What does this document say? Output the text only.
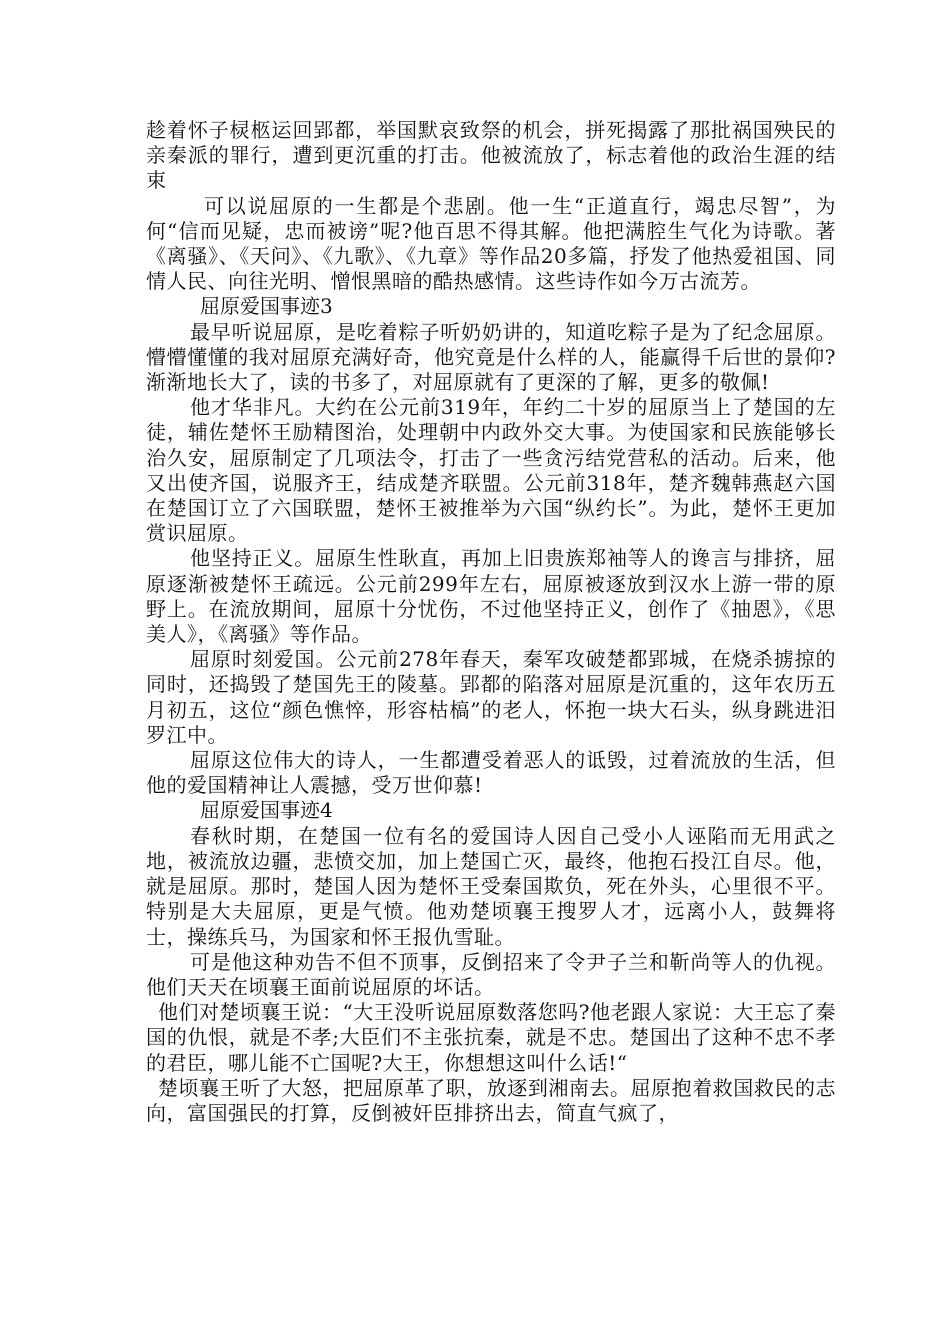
趁着怀子棂柩运回郢都，举国默哀致祭的机会，拼死揭露了那批祸国殃民的亲秦派的罪行，遭到更沉重的打击。他被流放了，标志着他的政治生涯的结束

可以说屈原的一生都是个悲剧。他一生“正道直行，竭忠尽智”，为何“信而见疑，忠而被谤”呢?他百思不得其解。他把满腔生气化为诗歌。著《离骚》、《天问》、《九歌》、《九章》等作品20多篇，抒发了他热爱祖国、同情人民、向往光明、憎恨黑暗的酷热感情。这些诗作如今万古流芳。

屈原爱国事迹3

最早听说屈原，是吃着粽子听奶奶讲的，知道吃粽子是为了纪念屈原。懵懵懂懂的我对屈原充满好奇，他究竟是什么样的人，能赢得千后世的景仰?渐渐地长大了，读的书多了，对屈原就有了更深的了解，更多的敬佩!

他才华非凡。大约在公元前319年，年约二十岁的屈原当上了楚国的左徒，辅佐楚怀王励精图治，处理朝中内政外交大事。为使国家和民族能够长治久安，屈原制定了几项法令，打击了一些贪污结党营私的活动。后来，他又出使齐国，说服齐王，结成楚齐联盟。公元前318年，楚齐魏韩燕赵六国在楚国订立了六国联盟，楚怀王被推举为六国“纵约长”。为此，楚怀王更加赏识屈原。

他坚持正义。屈原生性耿直，再加上旧贵族郑袖等人的谗言与排挤，屈原逐渐被楚怀王疏远。公元前299年左右，屈原被逐放到汉水上游一带的原野上。在流放期间，屈原十分忧伤，不过他坚持正义，创作了《抽恩》，《思美人》，《离骚》等作品。

屈原时刻爱国。公元前278年春天，秦军攻破楚都郢城，在烧杀掳掠的同时，还捣毁了楚国先王的陵墓。郢都的陷落对屈原是沉重的，这年农历五月初五，这位“颜色憔悴，形容枯槁”的老人，怀抱一块大石头，纵身跳进汨罗江中。

屈原这位伟大的诗人，一生都遭受着恶人的诋毁，过着流放的生活，但他的爱国精神让人震撼，受万世仰慕!

屈原爱国事迹4

春秋时期，在楚国一位有名的爱国诗人因自己受小人诬陷而无用武之地，被流放边疆，悲愤交加，加上楚国亡灭，最终，他抱石投江自尽。他，就是屈原。那时，楚国人因为楚怀王受秦国欺负，死在外头，心里很不平。特别是大夫屈原，更是气愤。他劝楚顷襄王搜罗人才，远离小人，鼓舞将士，操练兵马，为国家和怀王报仇雪耻。

可是他这种劝告不但不顶事，反倒招来了令尹子兰和靳尚等人的仇视。他们天天在顷襄王面前说屈原的坏话。

他们对楚顷襄王说：“大王没听说屈原数落您吗?他老跟人家说：大王忘了秦国的仇恨，就是不孝;大臣们不主张抗秦，就是不忠。楚国出了这种不忠不孝的君臣，哪儿能不亡国呢?大王，你想想这叫什么话!“

楚顷襄王听了大怒，把屈原革了职，放逐到湘南去。屈原抱着救国救民的志向，富国强民的打算，反倒被奸臣排挤出去，简直气疯了，
